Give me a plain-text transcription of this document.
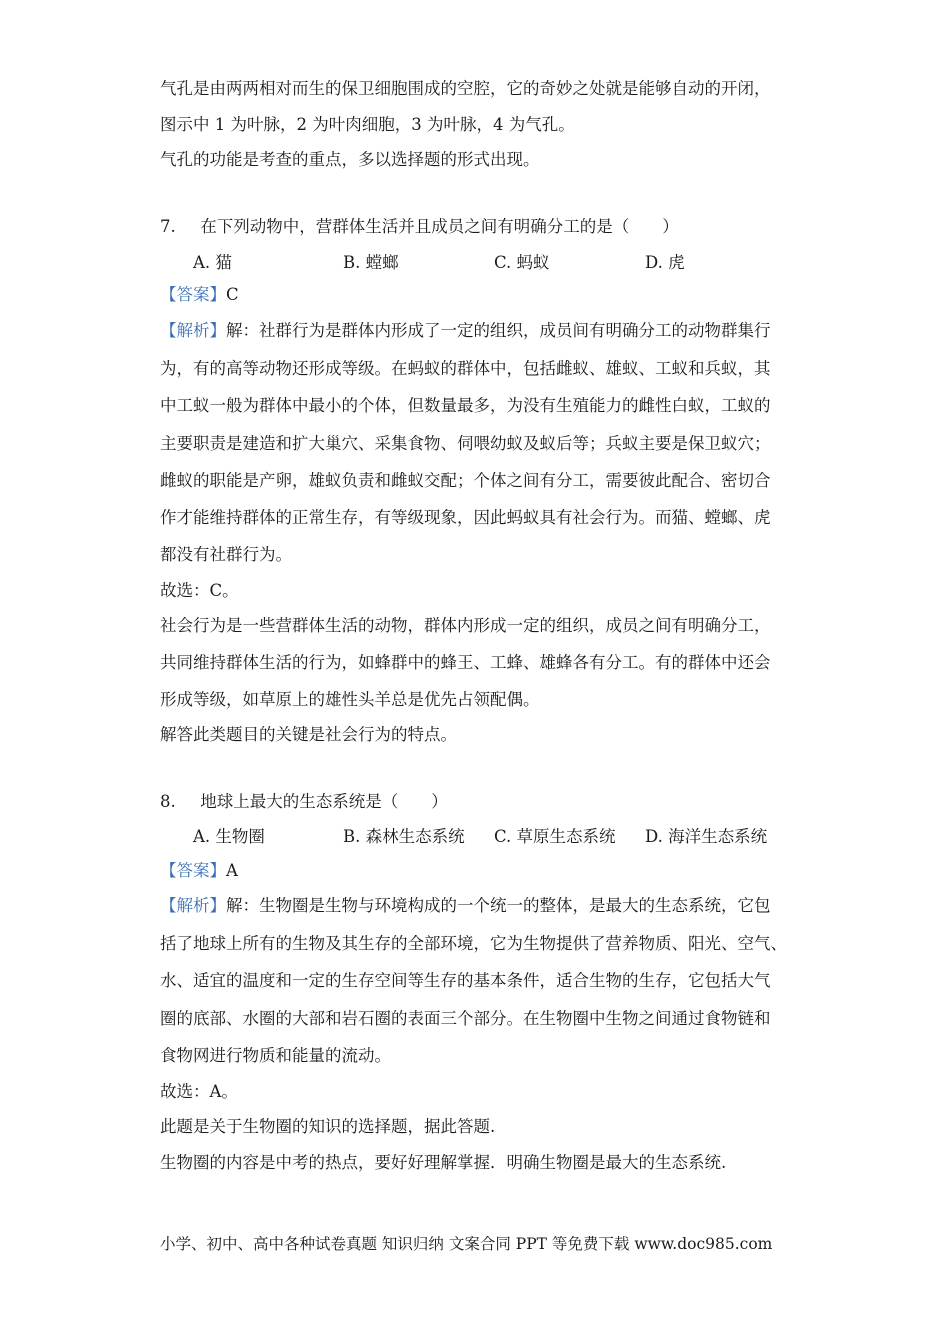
气孔是由两两相对而生的保卫细胞围成的空腔，它的奇妙之处就是能够自动的开闭，
图示中 1 为叶脉，2 为叶肉细胞，3 为叶脉，4 为气孔。
气孔的功能是考查的重点，多以选择题的形式出现。
7. 在下列动物中，营群体生活并且成员之间有明确分工的是（　　）
A. 猫	B. 螳螂	C. 蚂蚁	D. 虎
【答案】C
【解析】解：社群行为是群体内形成了一定的组织，成员间有明确分工的动物群集行
为，有的高等动物还形成等级。在蚂蚁的群体中，包括雌蚁、雄蚁、工蚁和兵蚁，其
中工蚁一般为群体中最小的个体，但数量最多，为没有生殖能力的雌性白蚁，工蚁的
主要职责是建造和扩大巢穴、采集食物、伺喂幼蚁及蚁后等；兵蚁主要是保卫蚁穴；
雌蚁的职能是产卵，雄蚁负责和雌蚁交配；个体之间有分工，需要彼此配合、密切合
作才能维持群体的正常生存，有等级现象，因此蚂蚁具有社会行为。而猫、螳螂、虎
都没有社群行为。
故选：C。
社会行为是一些营群体生活的动物，群体内形成一定的组织，成员之间有明确分工，
共同维持群体生活的行为，如蜂群中的蜂王、工蜂、雄蜂各有分工。有的群体中还会
形成等级，如草原上的雄性头羊总是优先占领配偶。
解答此类题目的关键是社会行为的特点。
8. 地球上最大的生态系统是（　　）
A. 生物圈	B. 森林生态系统 C. 草原生态系统 D. 海洋生态系统
【答案】A
【解析】解：生物圈是生物与环境构成的一个统一的整体，是最大的生态系统，它包
括了地球上所有的生物及其生存的全部环境，它为生物提供了营养物质、阳光、空气、
水、适宜的温度和一定的生存空间等生存的基本条件，适合生物的生存，它包括大气
圈的底部、水圈的大部和岩石圈的表面三个部分。在生物圈中生物之间通过食物链和
食物网进行物质和能量的流动。
故选：A。
此题是关于生物圈的知识的选择题，据此答题.
生物圈的内容是中考的热点，要好好理解掌握．明确生物圈是最大的生态系统.
小学、初中、高中各种试卷真题 知识归纳 文案合同 PPT 等免费下载 www.doc985.com
